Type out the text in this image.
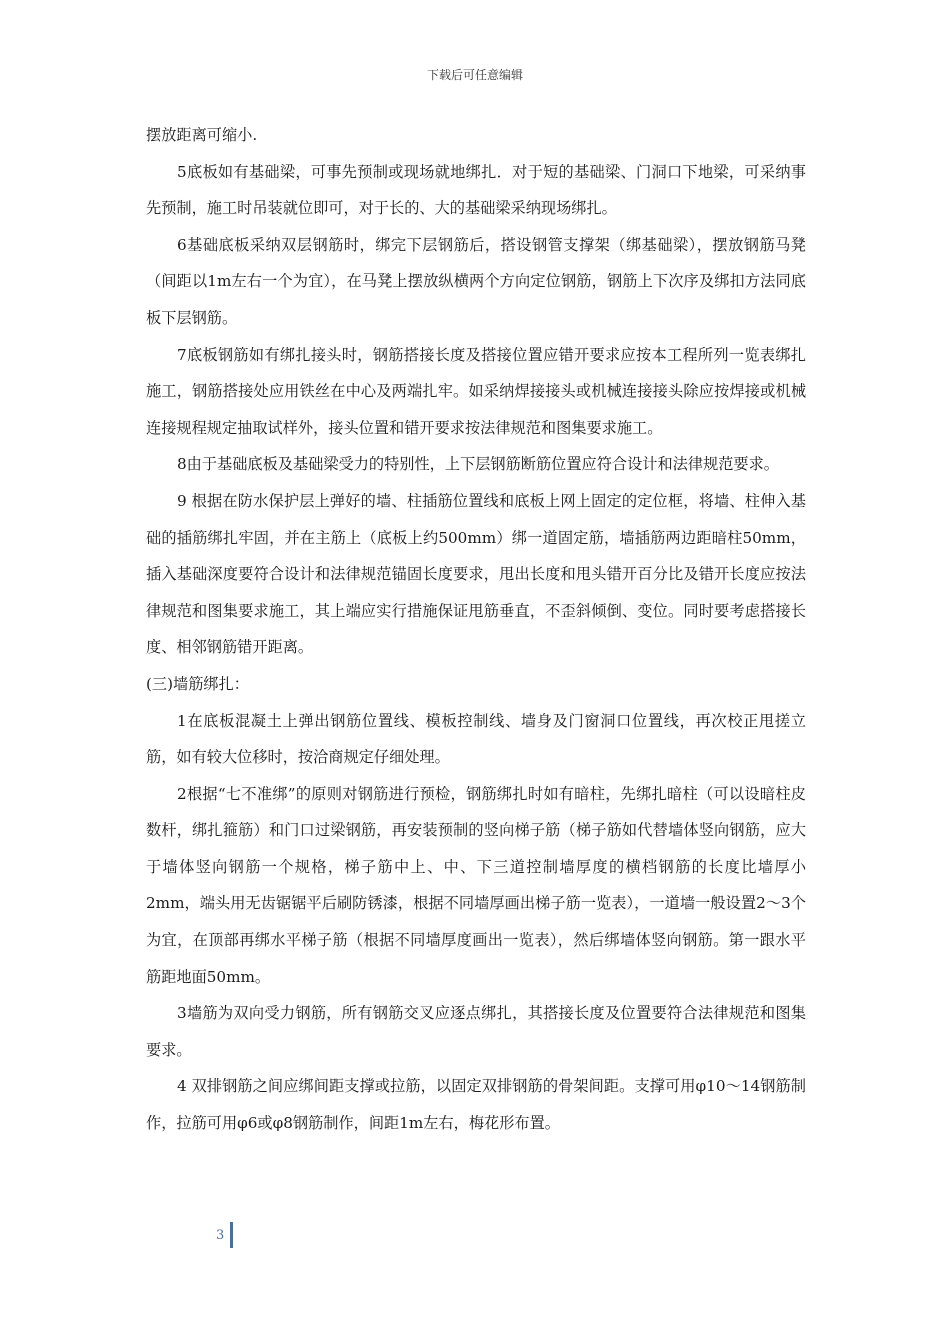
下载后可任意编辑

摆放距离可缩小.

5底板如有基础梁，可事先预制或现场就地绑扎．对于短的基础梁、门洞口下地梁，可采纳事先预制，施工时吊装就位即可，对于长的、大的基础梁采纳现场绑扎。

6基础底板采纳双层钢筋时，绑完下层钢筋后，搭设钢管支撑架（绑基础梁），摆放钢筋马凳（间距以1m左右一个为宜），在马凳上摆放纵横两个方向定位钢筋，钢筋上下次序及绑扣方法同底板下层钢筋。

7底板钢筋如有绑扎接头时，钢筋搭接长度及搭接位置应错开要求应按本工程所列一览表绑扎施工，钢筋搭接处应用铁丝在中心及两端扎牢。如采纳焊接接头或机械连接接头除应按焊接或机械连接规程规定抽取试样外，接头位置和错开要求按法律规范和图集要求施工。

8由于基础底板及基础梁受力的特别性，上下层钢筋断筋位置应符合设计和法律规范要求。

9 根据在防水保护层上弹好的墙、柱插筋位置线和底板上网上固定的定位框，将墙、柱伸入基础的插筋绑扎牢固，并在主筋上（底板上约500mm）绑一道固定筋，墙插筋两边距暗柱50mm，插入基础深度要符合设计和法律规范锚固长度要求，甩出长度和甩头错开百分比及错开长度应按法律规范和图集要求施工，其上端应实行措施保证甩筋垂直，不歪斜倾倒、变位。同时要考虑搭接长度、相邻钢筋错开距离。

(三)墙筋绑扎：

1在底板混凝土上弹出钢筋位置线、模板控制线、墙身及门窗洞口位置线，再次校正甩搓立筋，如有较大位移时，按洽商规定仔细处理。

2根据“七不准绑”的原则对钢筋进行预检，钢筋绑扎时如有暗柱，先绑扎暗柱（可以设暗柱皮数杆，绑扎箍筋）和门口过梁钢筋，再安装预制的竖向梯子筋（梯子筋如代替墙体竖向钢筋，应大于墙体竖向钢筋一个规格，梯子筋中上、中、下三道控制墙厚度的横档钢筋的长度比墙厚小2mm，端头用无齿锯锯平后刷防锈漆，根据不同墙厚画出梯子筋一览表），一道墙一般设置2～3个为宜，在顶部再绑水平梯子筋（根据不同墙厚度画出一览表），然后绑墙体竖向钢筋。第一跟水平筋距地面50mm。

3墙筋为双向受力钢筋，所有钢筋交叉应逐点绑扎，其搭接长度及位置要符合法律规范和图集要求。

4 双排钢筋之间应绑间距支撑或拉筋，以固定双排钢筋的骨架间距。支撑可用φ10～14钢筋制作，拉筋可用φ6或φ8钢筋制作，间距1m左右，梅花形布置。

3
